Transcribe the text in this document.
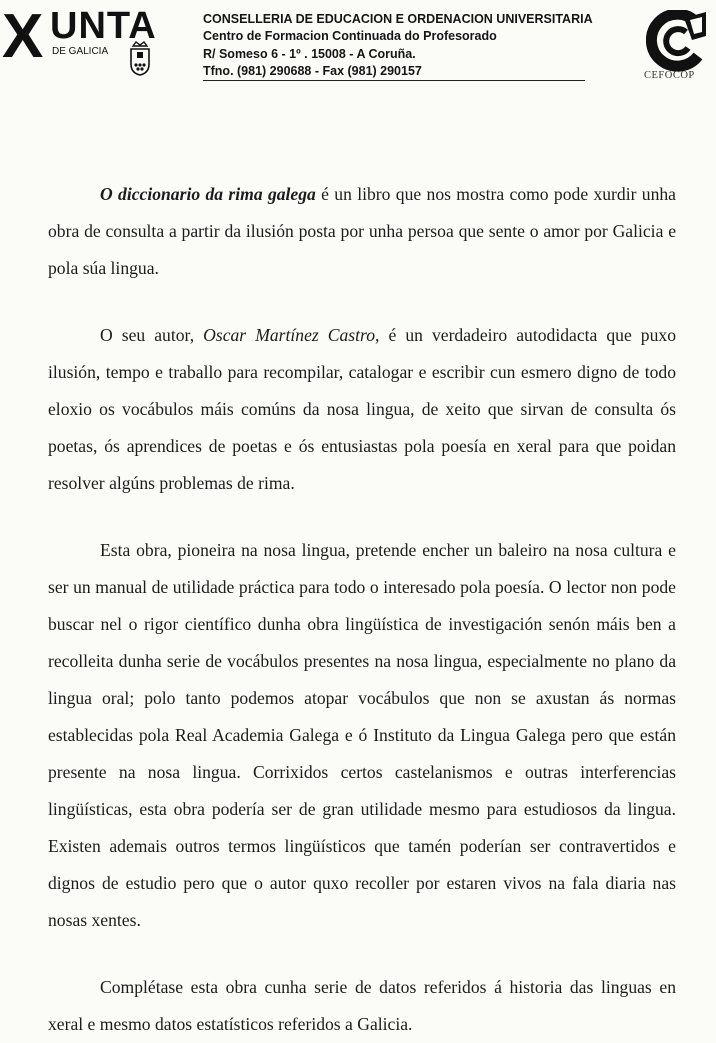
X UNTA
DE GALICIA
CONSELLERIA DE EDUCACION E ORDENACION UNIVERSITARIA
Centro de Formacion Continuada do Profesorado
R/ Someso 6 - 1º . 15008 - A Coruña.
Tfno. (981) 290688 - Fax (981) 290157	CEFOCOP

O diccionario da rima galega é un libro que nos mostra como pode xurdir unha obra de consulta a partir da ilusión posta por unha persoa que sente o amor por Galicia e pola súa lingua.

O seu autor, Oscar Martínez Castro, é un verdadeiro autodidacta que puxo ilusión, tempo e traballo para recompilar, catalogar e escribir cun esmero digno de todo eloxio os vocábulos máis comúns da nosa lingua, de xeito que sirvan de consulta ós poetas, ós aprendices de poetas e ós entusiastas pola poesía en xeral para que poidan resolver algúns problemas de rima.

Esta obra, pioneira na nosa lingua, pretende encher un baleiro na nosa cultura e ser un manual de utilidade práctica para todo o interesado pola poesía. O lector non pode buscar nel o rigor científico dunha obra lingüística de investigación senón máis ben a recolleita dunha serie de vocábulos presentes na nosa lingua, especialmente no plano da lingua oral; polo tanto podemos atopar vocábulos que non se axustan ás normas establecidas pola Real Academia Galega e ó Instituto da Lingua Galega pero que están presente na nosa lingua. Corrixidos certos castelanismos e outras interferencias lingüísticas, esta obra podería ser de gran utilidade mesmo para estudiosos da lingua. Existen ademais outros termos lingüísticos que tamén poderían ser contravertidos e dignos de estudio pero que o autor quxo recoller por estaren vivos na fala diaria nas nosas xentes.

Complétase esta obra cunha serie de datos referidos á historia das linguas en xeral e mesmo datos estatísticos referidos a Galicia.
